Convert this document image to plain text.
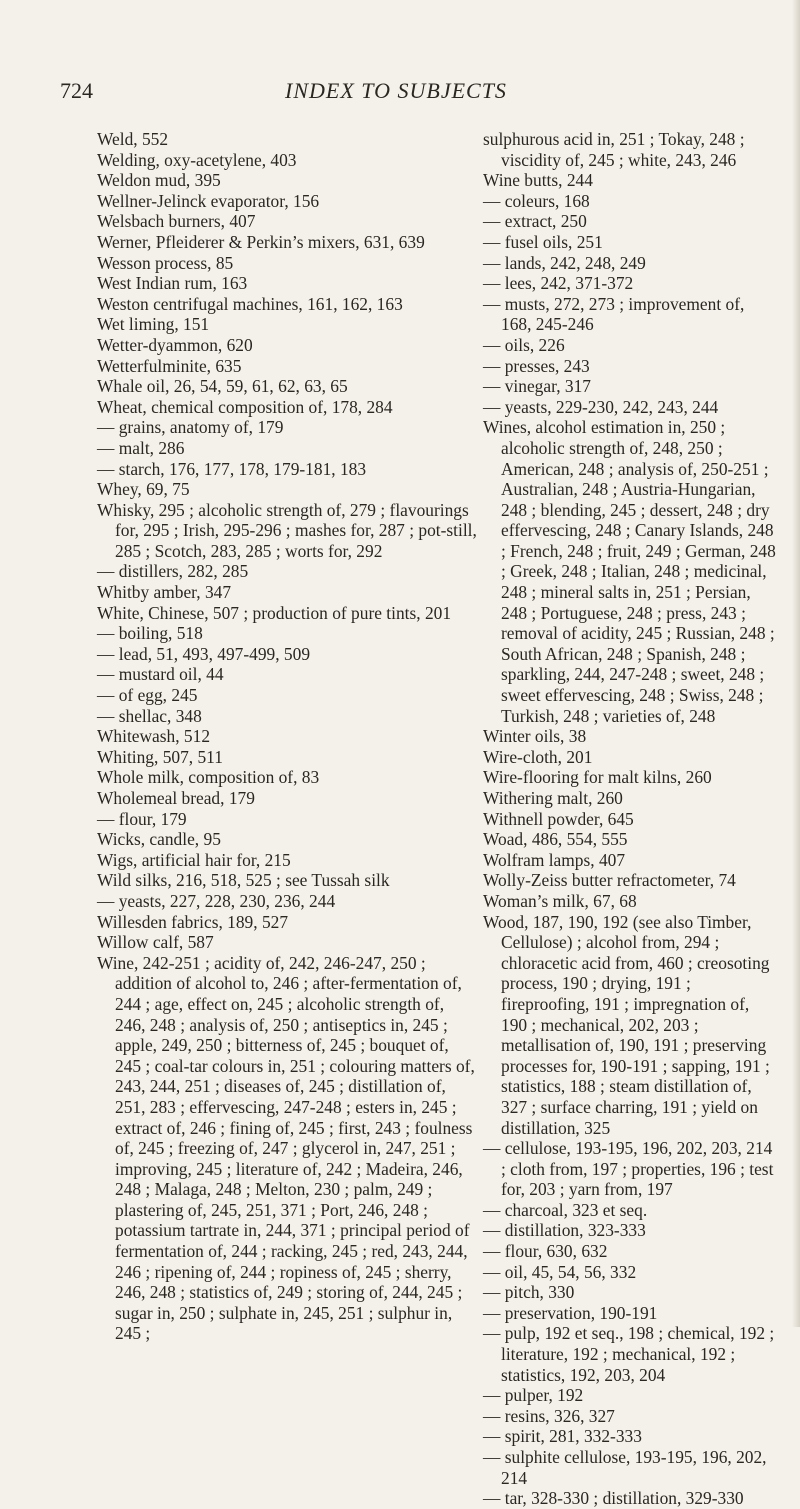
724	INDEX TO SUBJECTS

Weld, 552

Welding, oxy-acetylene, 403

Weldon mud, 395

Wellner-Jelinck evaporator, 156

Welsbach burners, 407

Werner, Pfleiderer & Perkin’s mixers, 631, 639

Wesson process, 85

West Indian rum, 163

Weston centrifugal machines, 161, 162, 163

Wet liming, 151

Wetter-dyammon, 620

Wetterfulminite, 635

Whale oil, 26, 54, 59, 61, 62, 63, 65

Wheat, chemical composition of, 178, 284

— grains, anatomy of, 179

— malt, 286

— starch, 176, 177, 178, 179-181, 183

Whey, 69, 75

Whisky, 295 ; alcoholic strength of, 279 ; flavourings for, 295 ; Irish, 295-296 ; mashes for, 287 ; pot-still, 285 ; Scotch, 283, 285 ; worts for, 292

— distillers, 282, 285

Whitby amber, 347

White, Chinese, 507 ; production of pure tints, 201

— boiling, 518

— lead, 51, 493, 497-499, 509

— mustard oil, 44

— of egg, 245

— shellac, 348

Whitewash, 512

Whiting, 507, 511

Whole milk, composition of, 83

Wholemeal bread, 179

— flour, 179

Wicks, candle, 95

Wigs, artificial hair for, 215

Wild silks, 216, 518, 525 ; see Tussah silk

— yeasts, 227, 228, 230, 236, 244

Willesden fabrics, 189, 527

Willow calf, 587

Wine, 242-251 ; acidity of, 242, 246-247, 250 ; addition of alcohol to, 246 ; after-fermentation of, 244 ; age, effect on, 245 ; alcoholic strength of, 246, 248 ; analysis of, 250 ; antiseptics in, 245 ; apple, 249, 250 ; bitterness of, 245 ; bouquet of, 245 ; coal-tar colours in, 251 ; colouring matters of, 243, 244, 251 ; diseases of, 245 ; distillation of, 251, 283 ; effervescing, 247-248 ; esters in, 245 ; extract of, 246 ; fining of, 245 ; first, 243 ; foulness of, 245 ; freezing of, 247 ; glycerol in, 247, 251 ; improving, 245 ; literature of, 242 ; Madeira, 246, 248 ; Malaga, 248 ; Melton, 230 ; palm, 249 ; plastering of, 245, 251, 371 ; Port, 246, 248 ; potassium tartrate in, 244, 371 ; principal period of fermentation of, 244 ; racking, 245 ; red, 243, 244, 246 ; ripening of, 244 ; ropiness of, 245 ; sherry, 246, 248 ; statistics of, 249 ; storing of, 244, 245 ; sugar in, 250 ; sulphate in, 245, 251 ; sulphur in, 245 ;

sulphurous acid in, 251 ; Tokay, 248 ; viscidity of, 245 ; white, 243, 246

Wine butts, 244

— coleurs, 168

— extract, 250

— fusel oils, 251

— lands, 242, 248, 249

— lees, 242, 371-372

— musts, 272, 273 ; improvement of, 168, 245-246

— oils, 226

— presses, 243

— vinegar, 317

— yeasts, 229-230, 242, 243, 244

Wines, alcohol estimation in, 250 ; alcoholic strength of, 248, 250 ; American, 248 ; analysis of, 250-251 ; Australian, 248 ; Austria-Hungarian, 248 ; blending, 245 ; dessert, 248 ; dry effervescing, 248 ; Canary Islands, 248 ; French, 248 ; fruit, 249 ; German, 248 ; Greek, 248 ; Italian, 248 ; medicinal, 248 ; mineral salts in, 251 ; Persian, 248 ; Portuguese, 248 ; press, 243 ; removal of acidity, 245 ; Russian, 248 ; South African, 248 ; Spanish, 248 ; sparkling, 244, 247-248 ; sweet, 248 ; sweet effervescing, 248 ; Swiss, 248 ; Turkish, 248 ; varieties of, 248

Winter oils, 38

Wire-cloth, 201

Wire-flooring for malt kilns, 260

Withering malt, 260

Withnell powder, 645

Woad, 486, 554, 555

Wolfram lamps, 407

Wolly-Zeiss butter refractometer, 74

Woman’s milk, 67, 68

Wood, 187, 190, 192 (see also Timber, Cellulose) ; alcohol from, 294 ; chloracetic acid from, 460 ; creosoting process, 190 ; drying, 191 ; fireproofing, 191 ; impregnation of, 190 ; mechanical, 202, 203 ; metallisation of, 190, 191 ; preserving processes for, 190-191 ; sapping, 191 ; statistics, 188 ; steam distillation of, 327 ; surface charring, 191 ; yield on distillation, 325

— cellulose, 193-195, 196, 202, 203, 214 ; cloth from, 197 ; properties, 196 ; test for, 203 ; yarn from, 197

— charcoal, 323 et seq.

— distillation, 323-333

— flour, 630, 632

— oil, 45, 54, 56, 332

— pitch, 330

— preservation, 190-191

— pulp, 192 et seq., 198 ; chemical, 192 ; literature, 192 ; mechanical, 192 ; statistics, 192, 203, 204

— pulper, 192

— resins, 326, 327

— spirit, 281, 332-333

— sulphite cellulose, 193-195, 196, 202, 214

— tar, 328-330 ; distillation, 329-330
